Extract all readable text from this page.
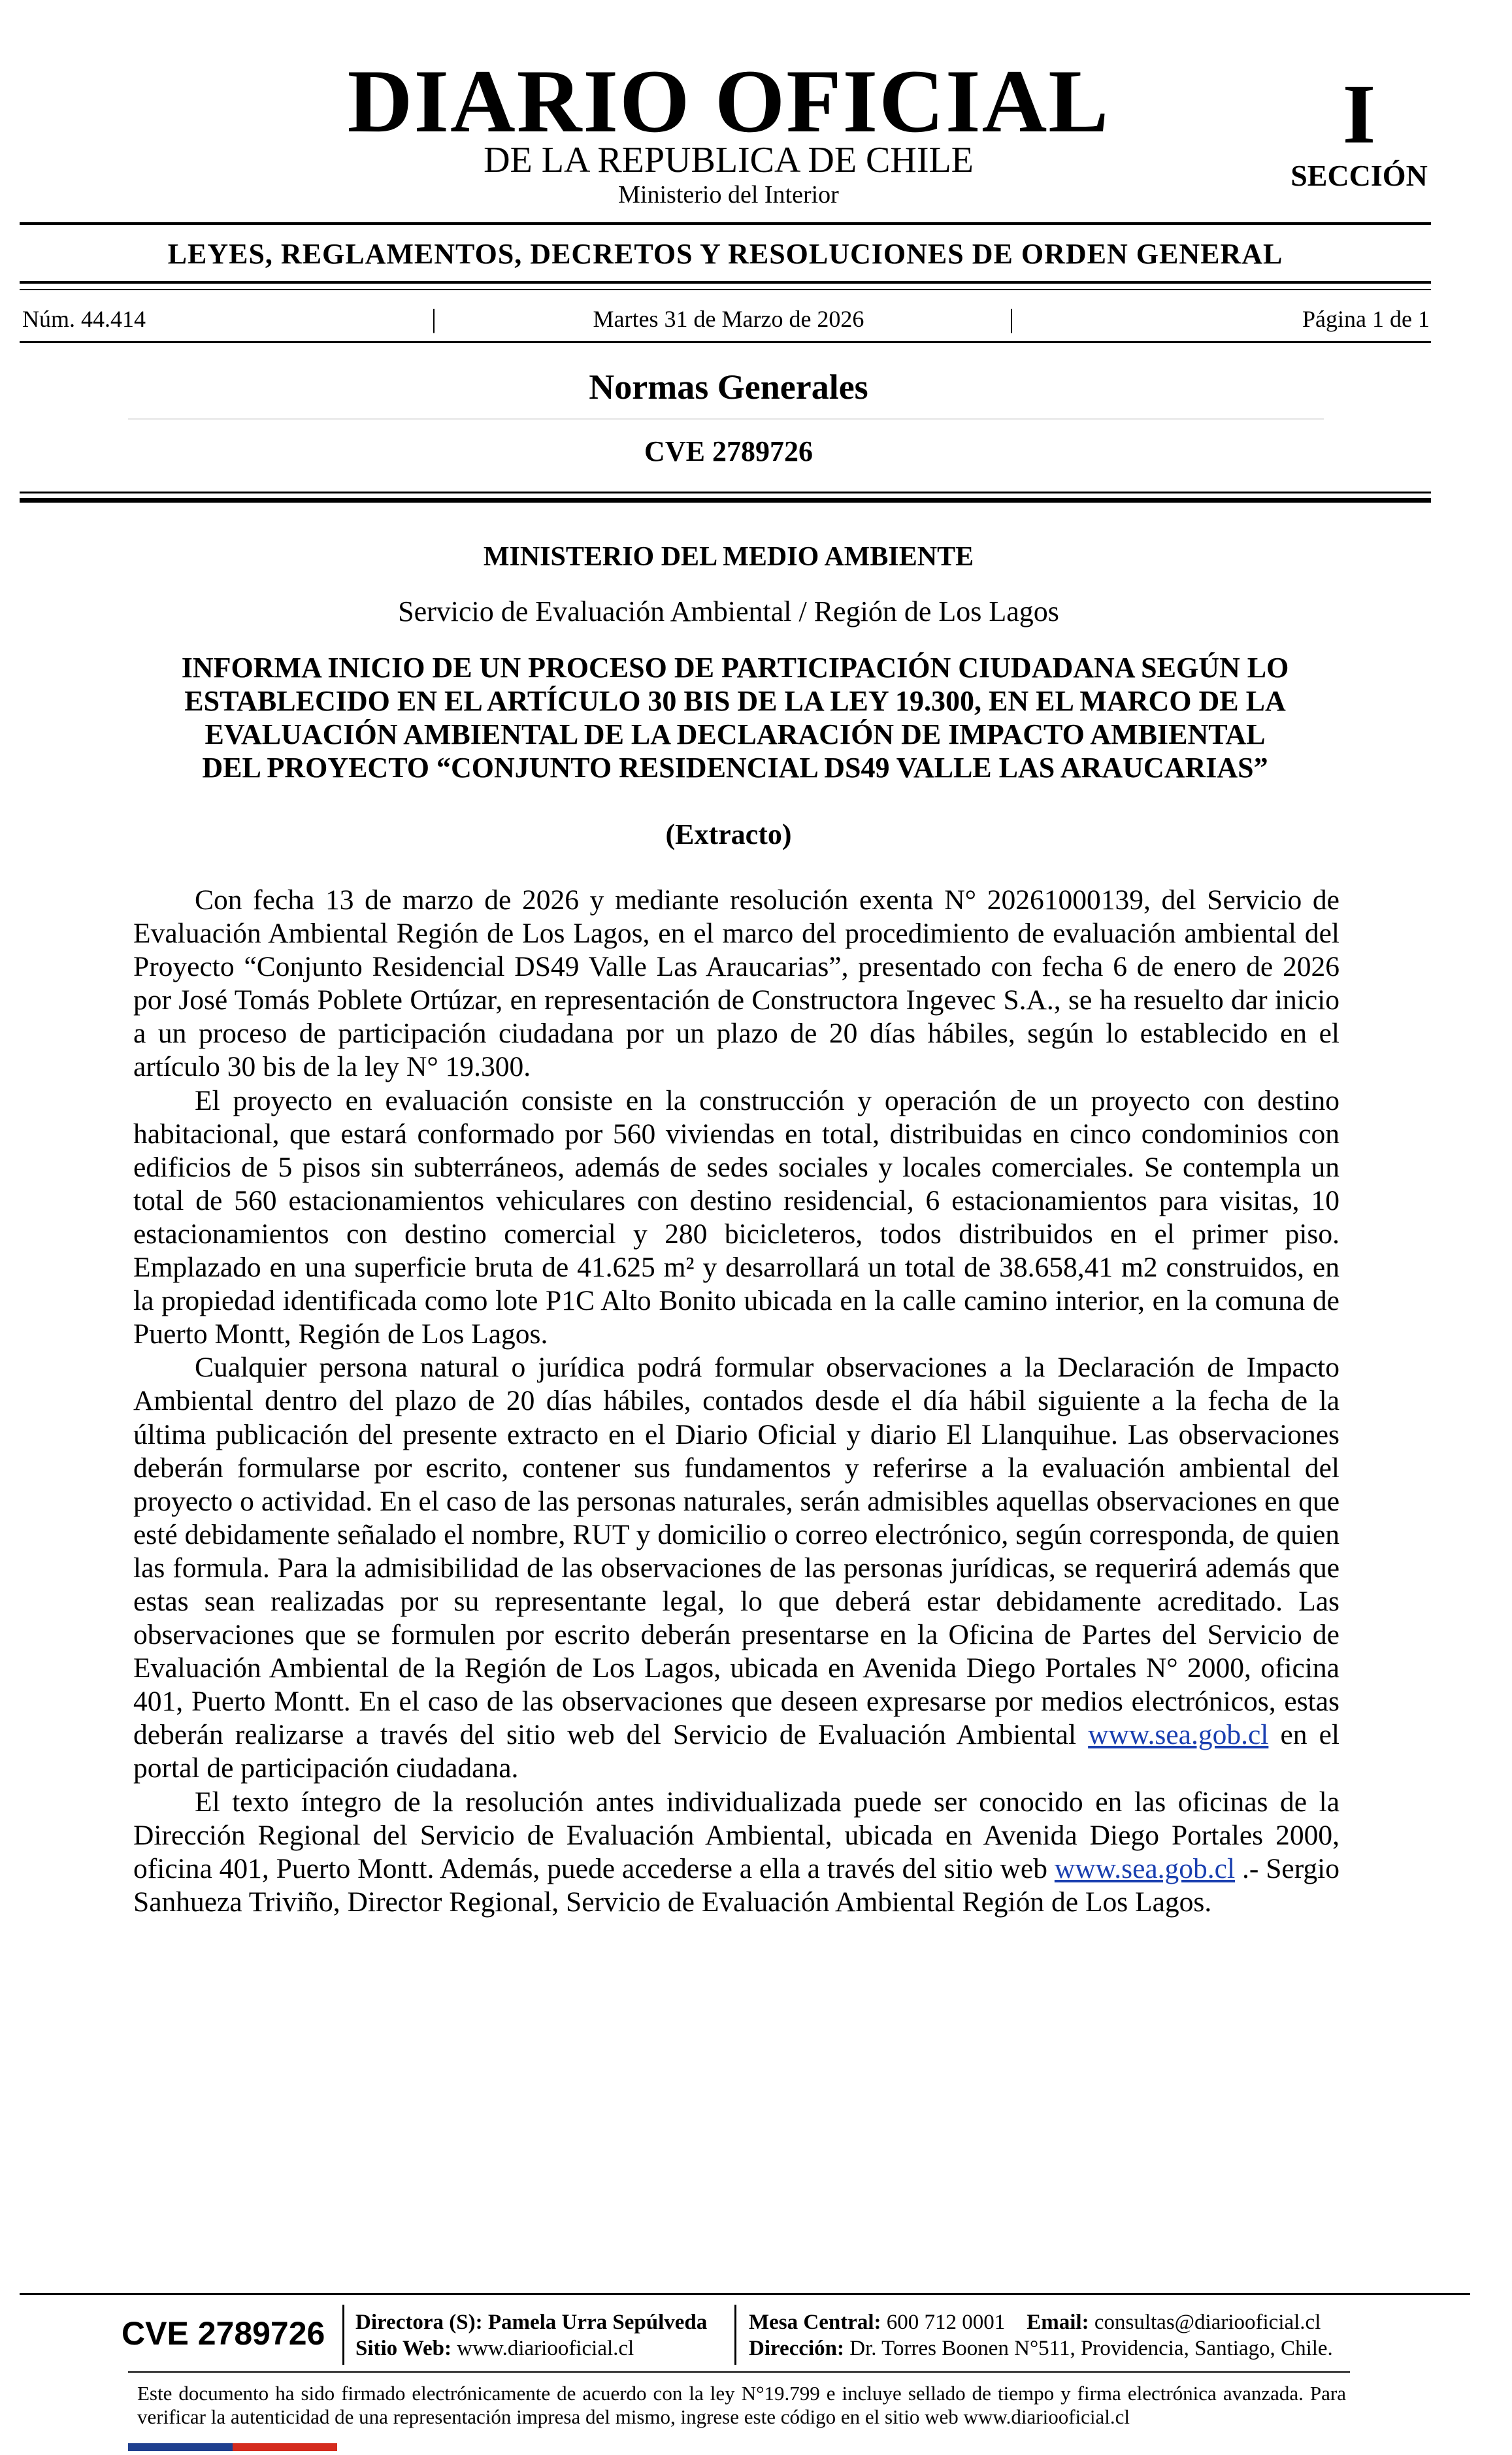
DIARIO OFICIAL
DE LA REPUBLICA DE CHILE
Ministerio del Interior
I
SECCIÓN
LEYES, REGLAMENTOS, DECRETOS Y RESOLUCIONES DE ORDEN GENERAL
Núm. 44.414	|	Martes 31 de Marzo de 2026	|	Página 1 de 1
Normas Generales
CVE 2789726
MINISTERIO DEL MEDIO AMBIENTE
Servicio de Evaluación Ambiental / Región de Los Lagos
INFORMA INICIO DE UN PROCESO DE PARTICIPACIÓN CIUDADANA SEGÚN LO
ESTABLECIDO EN EL ARTÍCULO 30 BIS DE LA LEY 19.300, EN EL MARCO DE LA
EVALUACIÓN AMBIENTAL DE LA DECLARACIÓN DE IMPACTO AMBIENTAL
DEL PROYECTO “CONJUNTO RESIDENCIAL DS49 VALLE LAS ARAUCARIAS”
(Extracto)

Con fecha 13 de marzo de 2026 y mediante resolución exenta N° 20261000139, del Servicio de Evaluación Ambiental Región de Los Lagos, en el marco del procedimiento de evaluación ambiental del Proyecto “Conjunto Residencial DS49 Valle Las Araucarias”, presentado con fecha 6 de enero de 2026 por José Tomás Poblete Ortúzar, en representación de Constructora Ingevec S.A., se ha resuelto dar inicio a un proceso de participación ciudadana por un plazo de 20 días hábiles, según lo establecido en el artículo 30 bis de la ley N° 19.300.

El proyecto en evaluación consiste en la construcción y operación de un proyecto con destino habitacional, que estará conformado por 560 viviendas en total, distribuidas en cinco condominios con edificios de 5 pisos sin subterráneos, además de sedes sociales y locales comerciales. Se contempla un total de 560 estacionamientos vehiculares con destino residencial, 6 estacionamientos para visitas, 10 estacionamientos con destino comercial y 280 bicicleteros, todos distribuidos en el primer piso. Emplazado en una superficie bruta de 41.625 m² y desarrollará un total de 38.658,41 m2 construidos, en la propiedad identificada como lote P1C Alto Bonito ubicada en la calle camino interior, en la comuna de Puerto Montt, Región de Los Lagos.

Cualquier persona natural o jurídica podrá formular observaciones a la Declaración de Impacto Ambiental dentro del plazo de 20 días hábiles, contados desde el día hábil siguiente a la fecha de la última publicación del presente extracto en el Diario Oficial y diario El Llanquihue. Las observaciones deberán formularse por escrito, contener sus fundamentos y referirse a la evaluación ambiental del proyecto o actividad. En el caso de las personas naturales, serán admisibles aquellas observaciones en que esté debidamente señalado el nombre, RUT y domicilio o correo electrónico, según corresponda, de quien las formula. Para la admisibilidad de las observaciones de las personas jurídicas, se requerirá además que estas sean realizadas por su representante legal, lo que deberá estar debidamente acreditado. Las observaciones que se formulen por escrito deberán presentarse en la Oficina de Partes del Servicio de Evaluación Ambiental de la Región de Los Lagos, ubicada en Avenida Diego Portales N° 2000, oficina 401, Puerto Montt. En el caso de las observaciones que deseen expresarse por medios electrónicos, estas deberán realizarse a través del sitio web del Servicio de Evaluación Ambiental www.sea.gob.cl en el portal de participación ciudadana.

El texto íntegro de la resolución antes individualizada puede ser conocido en las oficinas de la Dirección Regional del Servicio de Evaluación Ambiental, ubicada en Avenida Diego Portales 2000, oficina 401, Puerto Montt. Además, puede accederse a ella a través del sitio web www.sea.gob.cl .- Sergio Sanhueza Triviño, Director Regional, Servicio de Evaluación Ambiental Región de Los Lagos.

CVE 2789726 Directora (S): Pamela Urra Sepúlveda
Sitio Web: www.diariooficial.cl
Mesa Central: 600 712 0001 Email: consultas@diariooficial.cl
Dirección: Dr. Torres Boonen N°511, Providencia, Santiago, Chile.
Este documento ha sido firmado electrónicamente de acuerdo con la ley N°19.799 e incluye sellado de tiempo y firma electrónica avanzada. Para verificar la autenticidad de una representación impresa del mismo, ingrese este código en el sitio web www.diariooficial.cl
